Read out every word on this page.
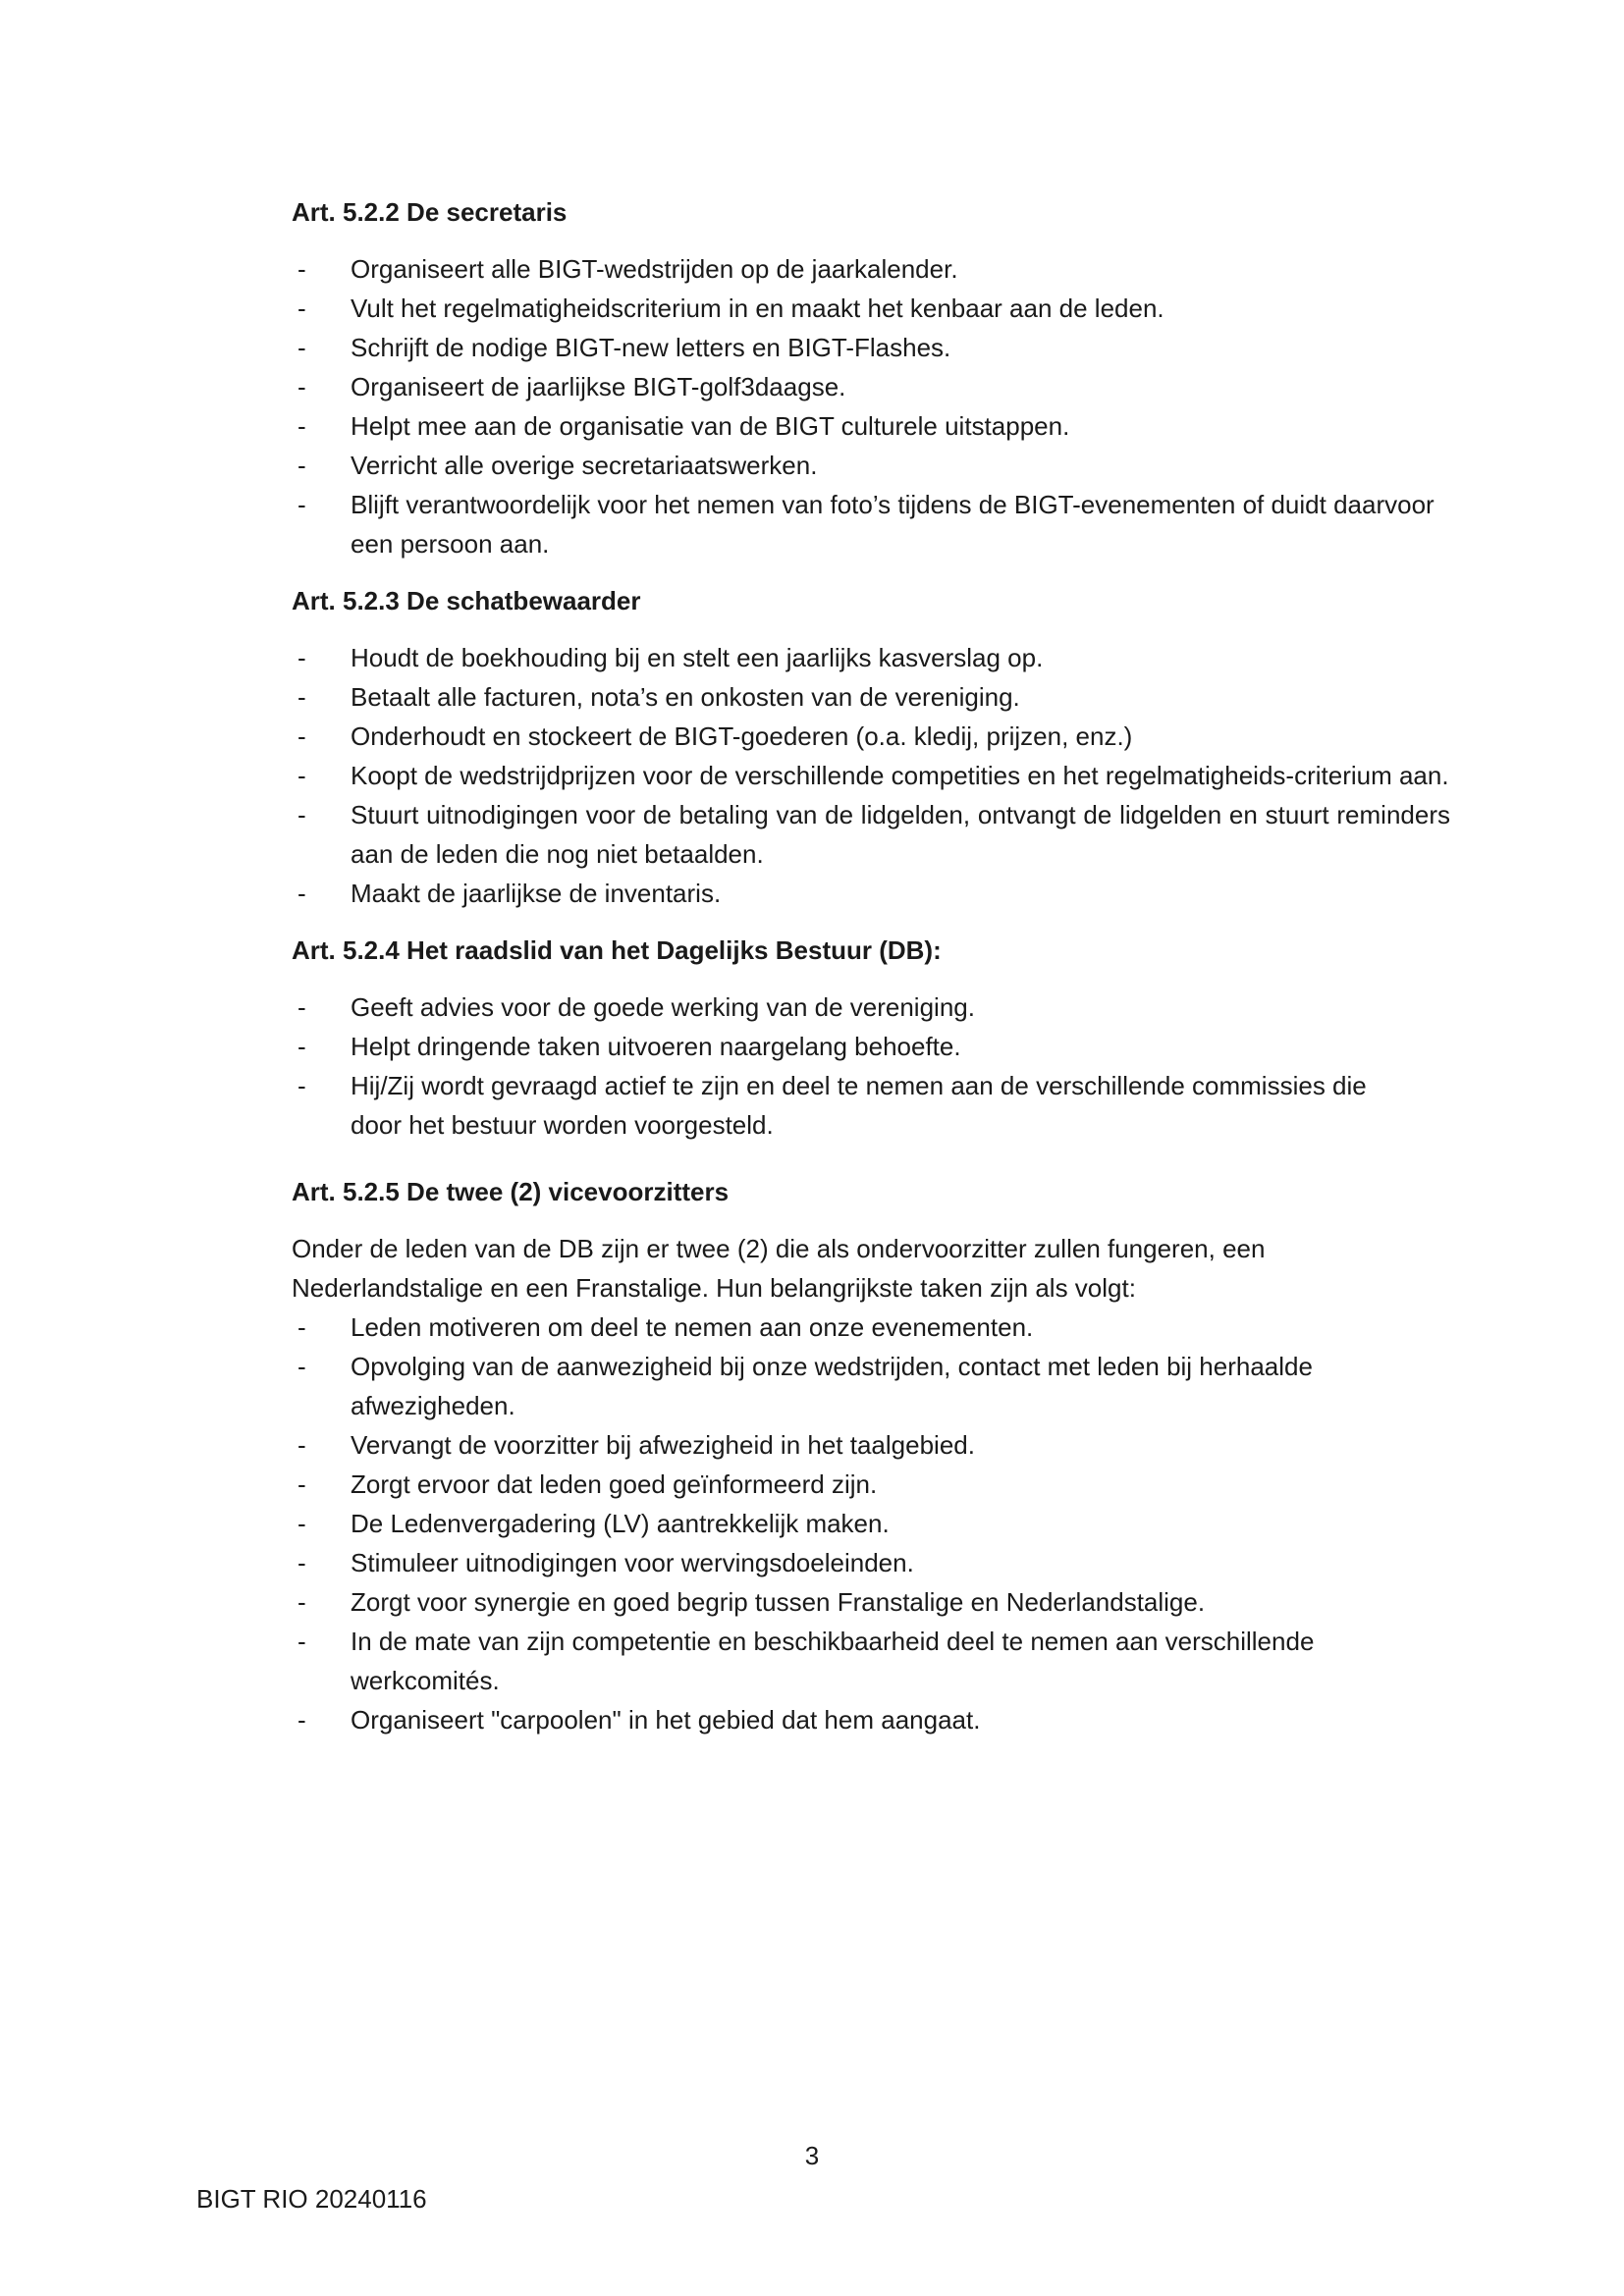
Art. 5.2.2 De secretaris

- Organiseert alle BIGT-wedstrijden op de jaarkalender.
- Vult het regelmatigheidscriterium in en maakt het kenbaar aan de leden.
- Schrijft de nodige BIGT-new letters en BIGT-Flashes.
- Organiseert de jaarlijkse BIGT-golf3daagse.
- Helpt mee aan de organisatie van de BIGT culturele uitstappen.
- Verricht alle overige secretariaatswerken.
- Blijft verantwoordelijk voor het nemen van foto’s tijdens de BIGT-evenementen of duidt daarvoor een persoon aan.

Art. 5.2.3 De schatbewaarder

- Houdt de boekhouding bij en stelt een jaarlijks kasverslag op.
- Betaalt alle facturen, nota’s en onkosten van de vereniging.
- Onderhoudt en stockeert de BIGT-goederen (o.a. kledij, prijzen, enz.)
- Koopt de wedstrijdprijzen voor de verschillende competities en het regelmatigheids-criterium aan.
- Stuurt uitnodigingen voor de betaling van de lidgelden, ontvangt de lidgelden en stuurt reminders aan de leden die nog niet betaalden.
- Maakt de jaarlijkse de inventaris.

Art. 5.2.4 Het raadslid van het Dagelijks Bestuur (DB):

- Geeft advies voor de goede werking van de vereniging.
- Helpt dringende taken uitvoeren naargelang behoefte.
- Hij/Zij wordt gevraagd actief te zijn en deel te nemen aan de verschillende commissies die door het bestuur worden voorgesteld.

Art. 5.2.5 De twee (2) vicevoorzitters

Onder de leden van de DB zijn er twee (2) die als ondervoorzitter zullen fungeren, een Nederlandstalige en een Franstalige. Hun belangrijkste taken zijn als volgt:

- Leden motiveren om deel te nemen aan onze evenementen.
- Opvolging van de aanwezigheid bij onze wedstrijden, contact met leden bij herhaalde afwezigheden.
- Vervangt de voorzitter bij afwezigheid in het taalgebied.
- Zorgt ervoor dat leden goed geïnformeerd zijn.
- De Ledenvergadering (LV) aantrekkelijk maken.
- Stimuleer uitnodigingen voor wervingsdoeleinden.
- Zorgt voor synergie en goed begrip tussen Franstalige en Nederlandstalige.
- In de mate van zijn competentie en beschikbaarheid deel te nemen aan verschillende werkcomités.
- Organiseert "carpoolen" in het gebied dat hem aangaat.
3
BIGT RIO 20240116
